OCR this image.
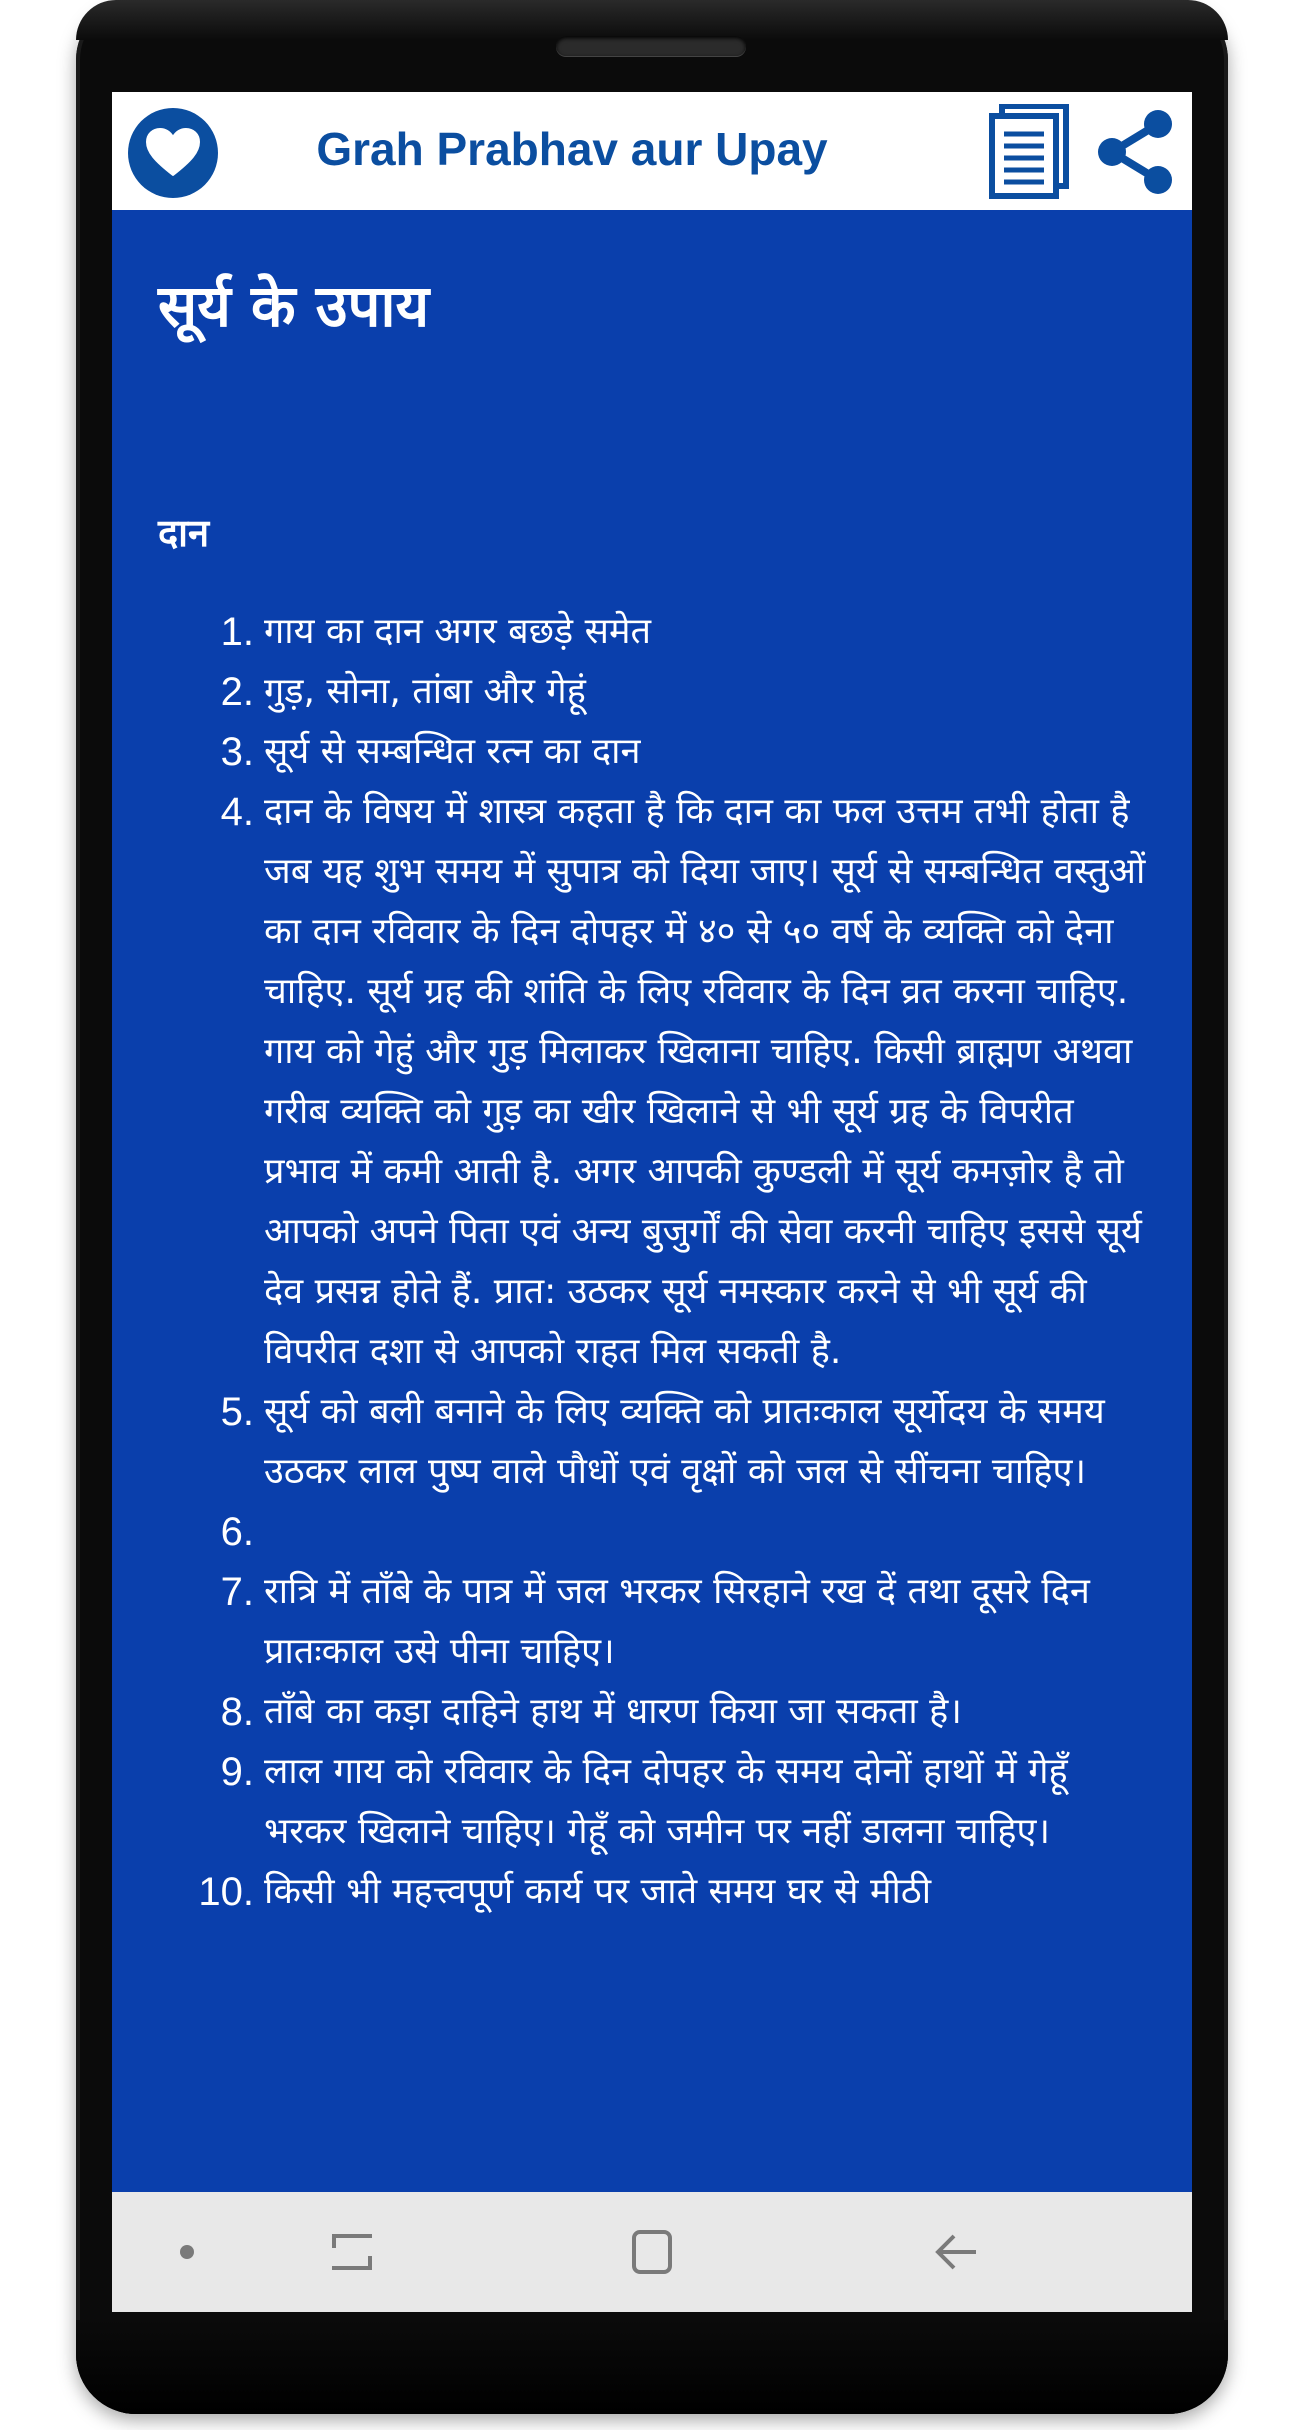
Grah Prabhav aur Upay
सूर्य के उपाय
दान
1. गाय का दान अगर बछड़े समेत
2. गुड़, सोना, तांबा और गेहूं
3. सूर्य से सम्बन्धित रत्न का दान
4. दान के विषय में शास्त्र कहता है कि दान का फल उत्तम तभी होता है जब यह शुभ समय में सुपात्र को दिया जाए। सूर्य से सम्बन्धित वस्तुओं का दान रविवार के दिन दोपहर में ४० से ५० वर्ष के व्यक्ति को देना चाहिए. सूर्य ग्रह की शांति के लिए रविवार के दिन व्रत करना चाहिए. गाय को गेहुं और गुड़ मिलाकर खिलाना चाहिए. किसी ब्राह्मण अथवा गरीब व्यक्ति को गुड़ का खीर खिलाने से भी सूर्य ग्रह के विपरीत प्रभाव में कमी आती है. अगर आपकी कुण्डली में सूर्य कमज़ोर है तो आपको अपने पिता एवं अन्य बुजुर्गों की सेवा करनी चाहिए इससे सूर्य देव प्रसन्न होते हैं. प्रात: उठकर सूर्य नमस्कार करने से भी सूर्य की विपरीत दशा से आपको राहत मिल सकती है.
5. सूर्य को बली बनाने के लिए व्यक्ति को प्रातःकाल सूर्योदय के समय उठकर लाल पुष्प वाले पौधों एवं वृक्षों को जल से सींचना चाहिए।
6.
7. रात्रि में ताँबे के पात्र में जल भरकर सिरहाने रख दें तथा दूसरे दिन प्रातःकाल उसे पीना चाहिए।
8. ताँबे का कड़ा दाहिने हाथ में धारण किया जा सकता है।
9. लाल गाय को रविवार के दिन दोपहर के समय दोनों हाथों में गेहूँ भरकर खिलाने चाहिए। गेहूँ को जमीन पर नहीं डालना चाहिए।
10. किसी भी महत्त्वपूर्ण कार्य पर जाते समय घर से मीठी
